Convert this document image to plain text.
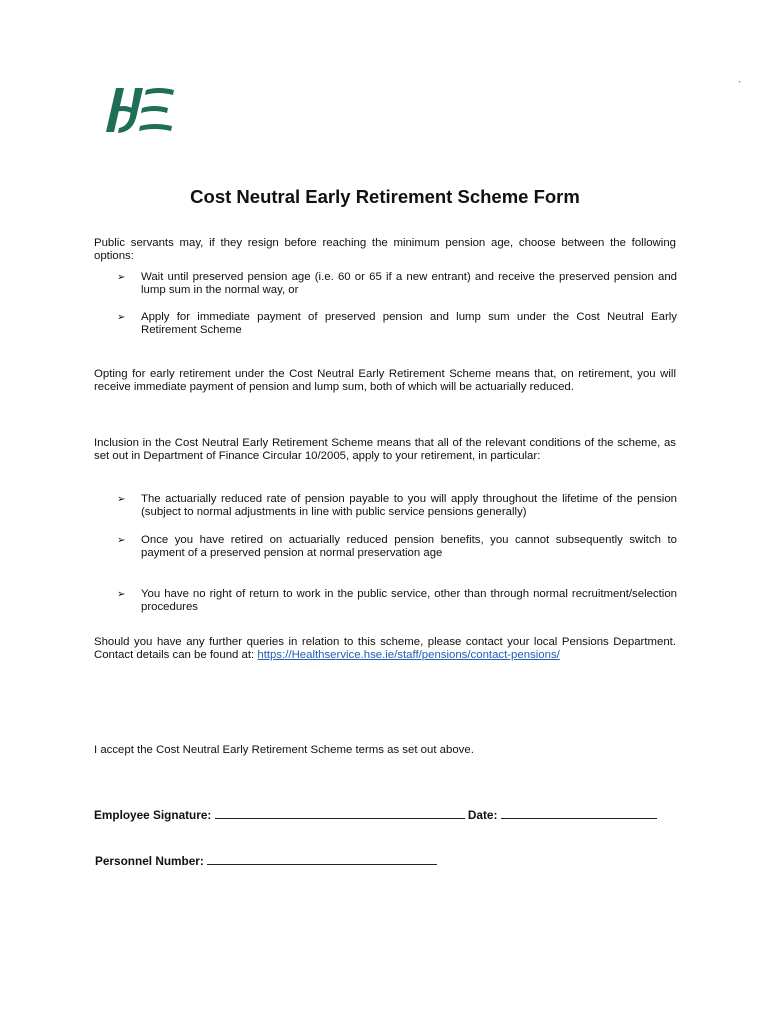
`
Cost Neutral Early Retirement Scheme Form

Public servants may, if they resign before reaching the minimum pension age, choose between the following options:

➢	Wait until preserved pension age (i.e. 60 or 65 if a new entrant) and receive the preserved pension and lump sum in the normal way, or
➢	Apply for immediate payment of preserved pension and lump sum under the Cost Neutral Early Retirement Scheme

Opting for early retirement under the Cost Neutral Early Retirement Scheme means that, on retirement, you will receive immediate payment of pension and lump sum, both of which will be actuarially reduced.

Inclusion in the Cost Neutral Early Retirement Scheme means that all of the relevant conditions of the scheme, as set out in Department of Finance Circular 10/2005, apply to your retirement, in particular:

➢	The actuarially reduced rate of pension payable to you will apply throughout the lifetime of the pension (subject to normal adjustments in line with public service pensions generally)
➢	Once you have retired on actuarially reduced pension benefits, you cannot subsequently switch to payment of a preserved pension at normal preservation age
➢	You have no right of return to work in the public service, other than through normal recruitment/selection procedures

Should you have any further queries in relation to this scheme, please contact your local Pensions Department. Contact details can be found at: https://Healthservice.hse.ie/staff/pensions/contact-pensions/

I accept the Cost Neutral Early Retirement Scheme terms as set out above.

Employee Signature:	Date:
Personnel Number:
